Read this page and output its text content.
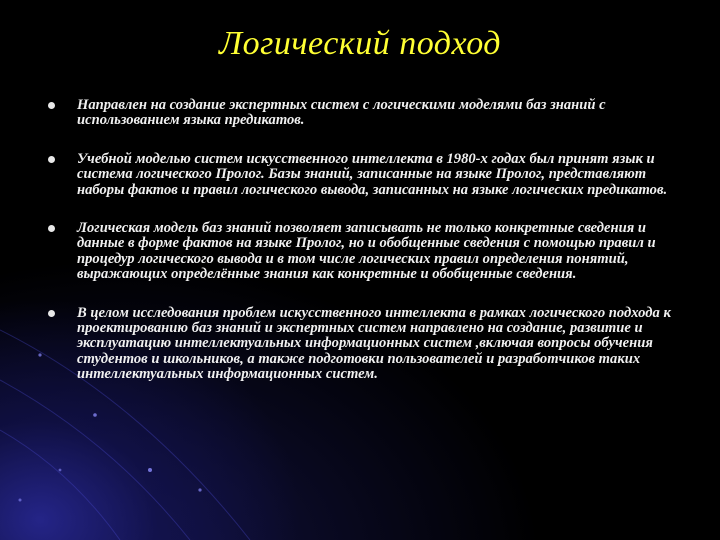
Логический подход
Направлен на создание экспертных систем с логическими моделями баз знаний с использованием языка предикатов.
Учебной моделью систем искусственного интеллекта в 1980-х годах был принят язык и система логического Пролог. Базы знаний, записанные на языке Пролог, представляют наборы фактов и правил логического вывода, записанных на языке логических предикатов.
Логическая модель баз знаний позволяет записывать не только конкретные сведения и данные в форме фактов на языке Пролог, но и обобщенные сведения с помощью правил и процедур логического вывода и в том числе логических правил определения понятий, выражающих определённые знания как конкретные и обобщенные сведения.
В целом исследования проблем искусственного интеллекта в рамках логического подхода к проектированию баз знаний и экспертных систем направлено на создание, развитие и эксплуатацию интеллектуальных информационных систем ,включая вопросы обучения студентов и школьников, а также подготовки пользователей и разработчиков таких интеллектуальных информационных систем.
